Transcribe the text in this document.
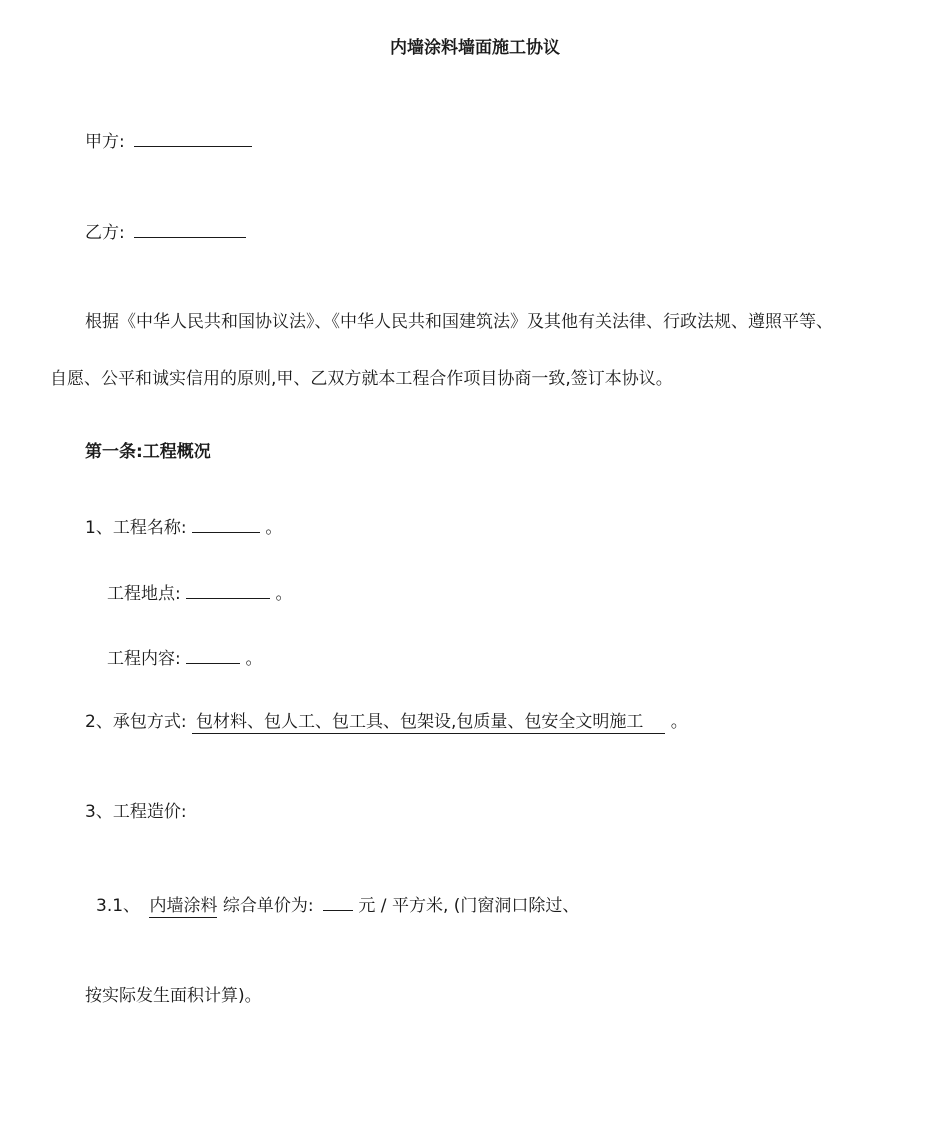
内墙涂料墙面施工协议
甲方:
乙方:
根据《中华人民共和国协议法》、《中华人民共和国建筑法》及其他有关法律、行政法规、遵照平等、
自愿、公平和诚实信用的原则,甲、乙双方就本工程合作项目协商一致,签订本协议。
第一条:工程概况
1、工程名称:	。
工程地点:	。
工程内容:	。
2、承包方式: 包材料、包人工、包工具、包架设,包质量、包安全文明施工 。
3、工程造价:
3.1、 内墙涂料 综合单价为:	元 / 平方米, (门窗洞口除过、
按实际发生面积计算)。
